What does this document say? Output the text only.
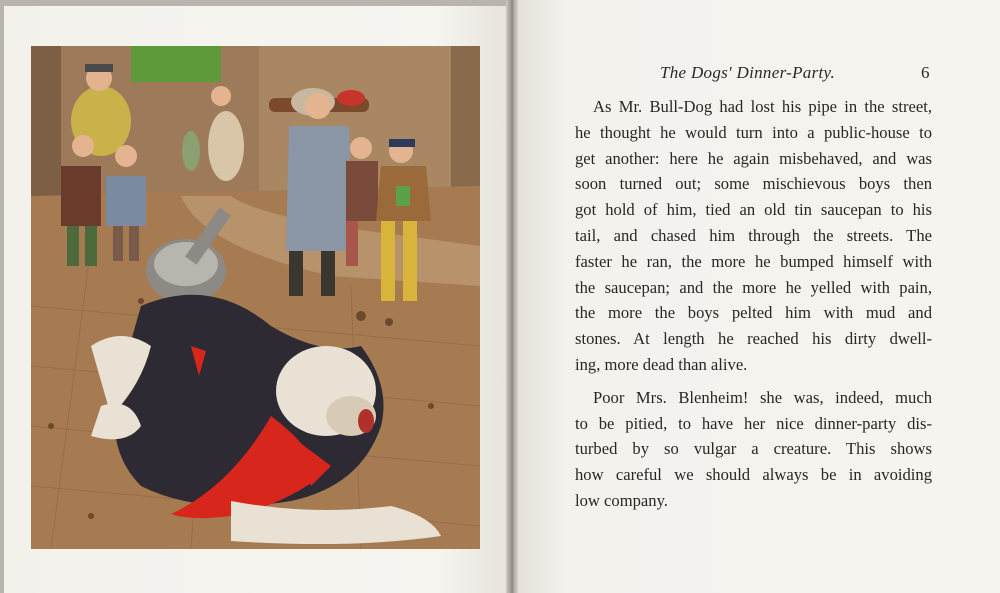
The Dogs' Dinner-Party.	6
As Mr. Bull-Dog had lost his pipe in the street,
he thought he would turn into a public-house to
get another: here he again misbehaved, and was
soon turned out; some mischievous boys then
got hold of him, tied an old tin saucepan to his
tail, and chased him through the streets. The
faster he ran, the more he bumped himself with
the saucepan; and the more he yelled with pain,
the more the boys pelted him with mud and
stones. At length he reached his dirty dwell-
ing, more dead than alive.
Poor Mrs. Blenheim! she was, indeed, much
to be pitied, to have her nice dinner-party dis-
turbed by so vulgar a creature. This shows
how careful we should always be in avoiding
low company.
